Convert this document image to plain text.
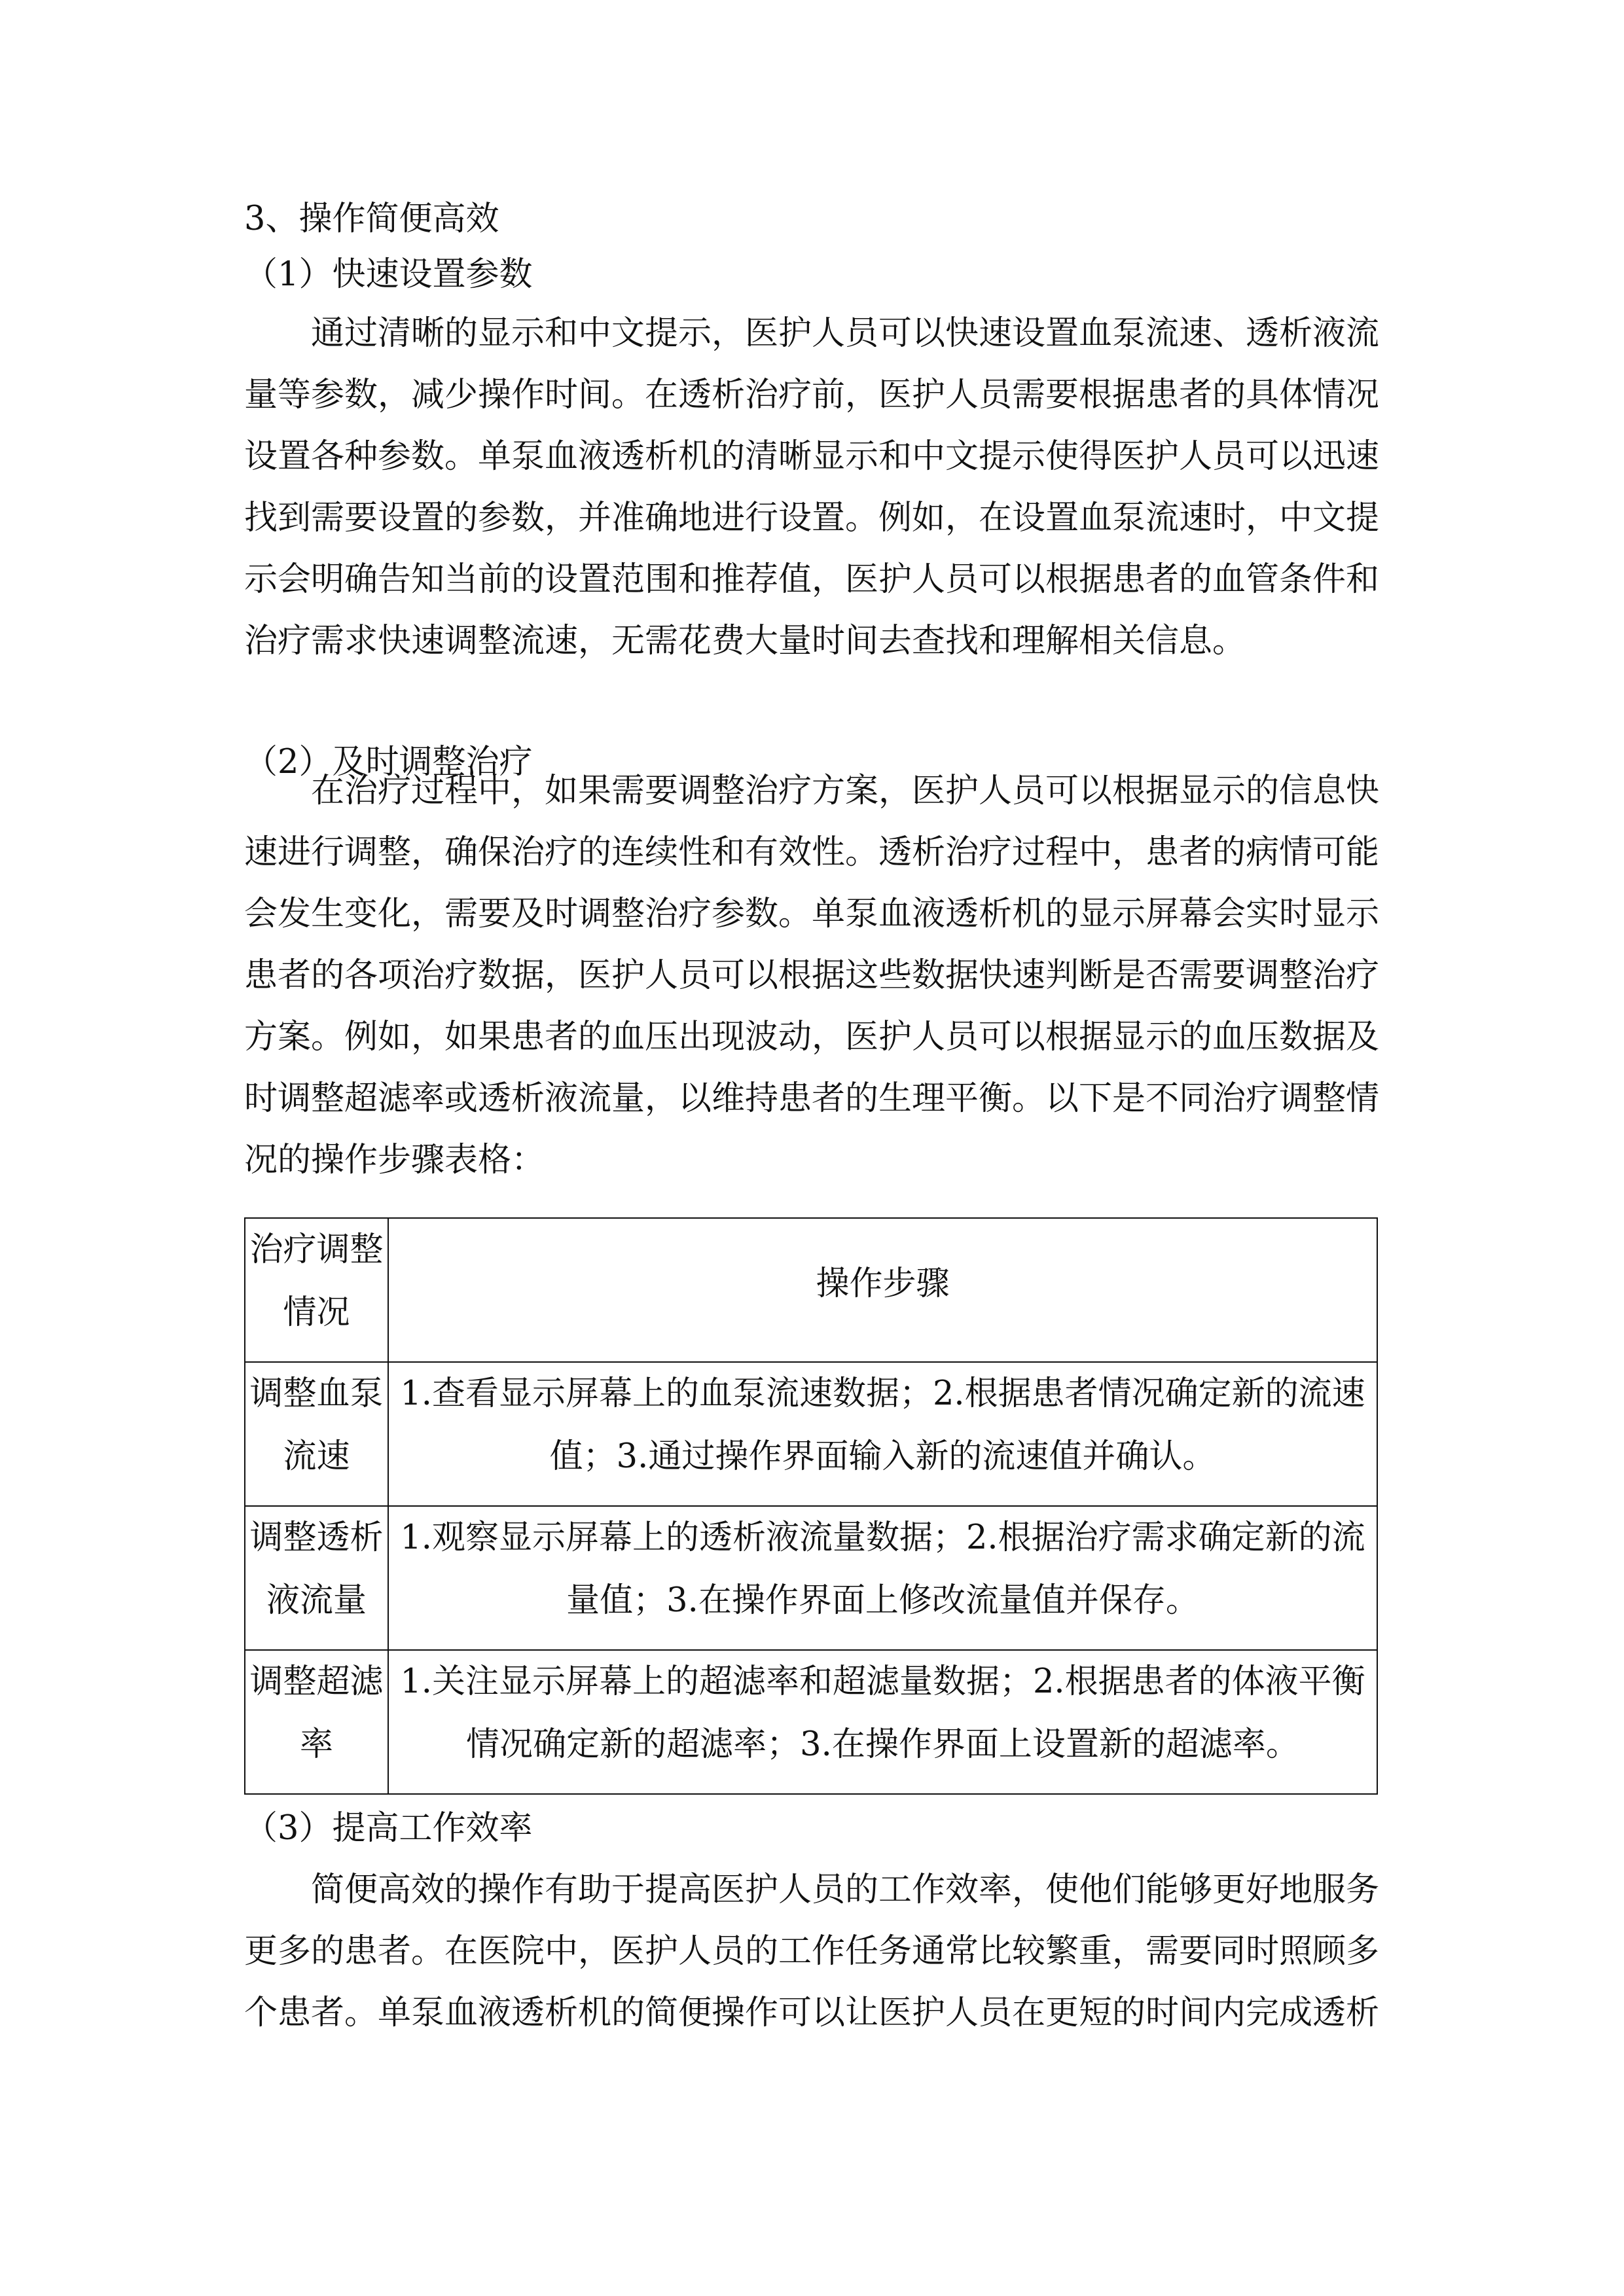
3、操作简便高效
（1）快速设置参数
通过清晰的显示和中文提示，医护人员可以快速设置血泵流速、透析液流
量等参数，减少操作时间。在透析治疗前，医护人员需要根据患者的具体情况
设置各种参数。单泵血液透析机的清晰显示和中文提示使得医护人员可以迅速
找到需要设置的参数，并准确地进行设置。例如，在设置血泵流速时，中文提
示会明确告知当前的设置范围和推荐值，医护人员可以根据患者的血管条件和
治疗需求快速调整流速，无需花费大量时间去查找和理解相关信息。
（2）及时调整治疗
在治疗过程中，如果需要调整治疗方案，医护人员可以根据显示的信息快
速进行调整，确保治疗的连续性和有效性。透析治疗过程中，患者的病情可能
会发生变化，需要及时调整治疗参数。单泵血液透析机的显示屏幕会实时显示
患者的各项治疗数据，医护人员可以根据这些数据快速判断是否需要调整治疗
方案。例如，如果患者的血压出现波动，医护人员可以根据显示的血压数据及
时调整超滤率或透析液流量，以维持患者的生理平衡。以下是不同治疗调整情
况的操作步骤表格：
治疗调整
情况	操作步骤

调整血泵
流速	1.查看显示屏幕上的血泵流速数据；2.根据患者情况确定新的流速值；3.通过操作界面输入新的流速值并确认。

调整透析
液流量	1.观察显示屏幕上的透析液流量数据；2.根据治疗需求确定新的流量值；3.在操作界面上修改流量值并保存。

调整超滤
率	1.关注显示屏幕上的超滤率和超滤量数据；2.根据患者的体液平衡情况确定新的超滤率；3.在操作界面上设置新的超滤率。
（3）提高工作效率
简便高效的操作有助于提高医护人员的工作效率，使他们能够更好地服务
更多的患者。在医院中，医护人员的工作任务通常比较繁重，需要同时照顾多
个患者。单泵血液透析机的简便操作可以让医护人员在更短的时间内完成透析
